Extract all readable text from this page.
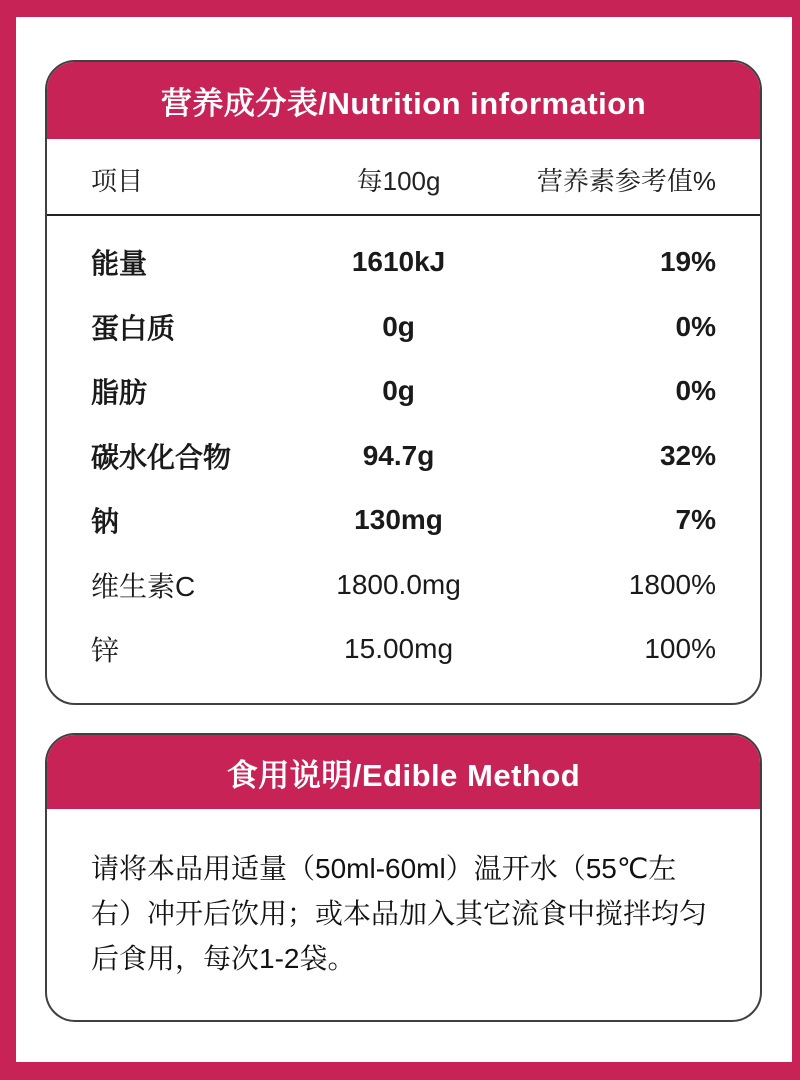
营养成分表/Nutrition information
项目	每100g	营养素参考值%
能量	1610kJ	19%
蛋白质	0g	0%
脂肪	0g	0%
碳水化合物	94.7g	32%
钠	130mg	7%
维生素C	1800.0mg	1800%
锌	15.00mg	100%
食用说明/Edible Method

请将本品用适量（50ml-60ml）温开水（55℃左右）冲开后饮用；或本品加入其它流食中搅拌均匀后食用，每次1-2袋。
